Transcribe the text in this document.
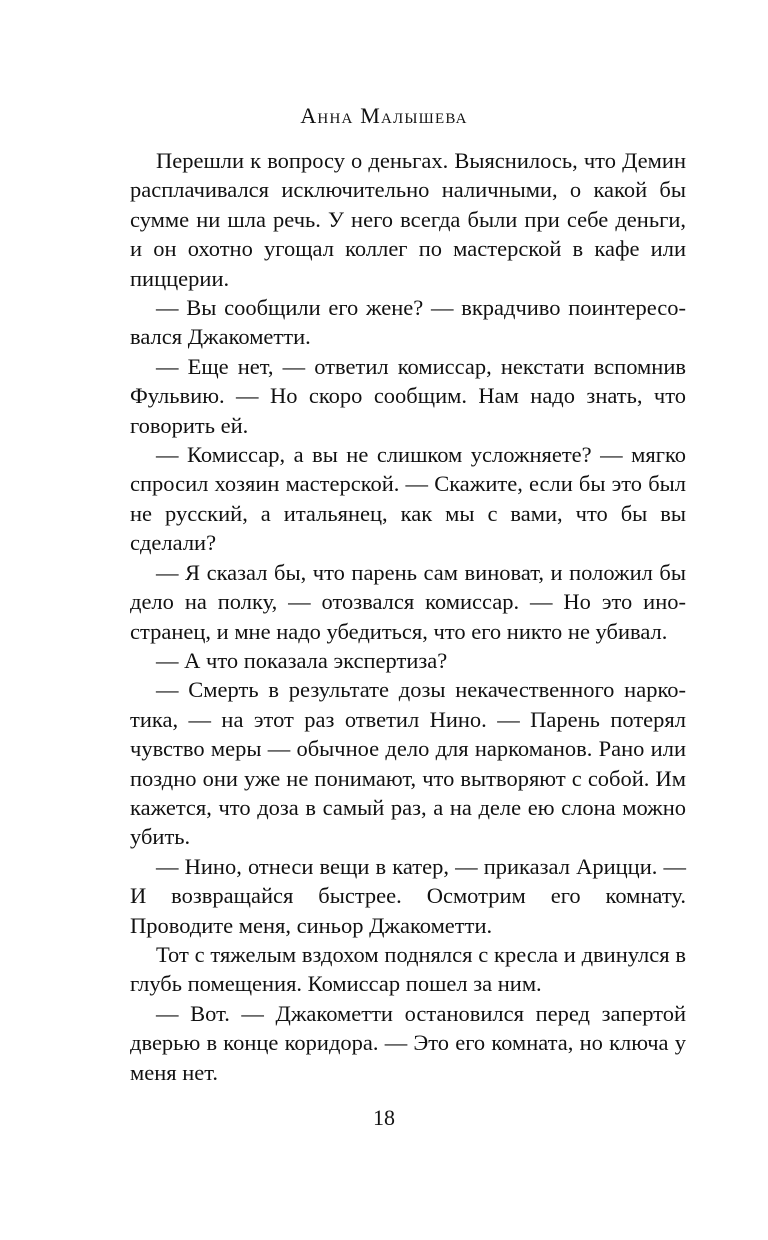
Анна Малышева

Перешли к вопросу о деньгах. Выяснилось, что Демин расплачивался исключительно наличными, о какой бы сумме ни шла речь. У него всегда были при себе деньги, и он охотно угощал коллег по мастерской в кафе или пиццерии.

— Вы сообщили его жене? — вкрадчиво поинтересовался Джакометти.

— Еще нет, — ответил комиссар, некстати вспомнив Фульвию. — Но скоро сообщим. Нам надо знать, что говорить ей.

— Комиссар, а вы не слишком усложняете? — мягко спросил хозяин мастерской. — Скажите, если бы это был не русский, а итальянец, как мы с вами, что бы вы сделали?

— Я сказал бы, что парень сам виноват, и положил бы дело на полку, — отозвался комиссар. — Но это иностранец, и мне надо убедиться, что его никто не убивал.

— А что показала экспертиза?

— Смерть в результате дозы некачественного наркотика, — на этот раз ответил Нино. — Парень потерял чувство меры — обычное дело для наркоманов. Рано или поздно они уже не понимают, что вытворяют с собой. Им кажется, что доза в самый раз, а на деле ею слона можно убить.

— Нино, отнеси вещи в катер, — приказал Арицци. — И возвращайся быстрее. Осмотрим его комнату. Проводите меня, синьор Джакометти.

Тот с тяжелым вздохом поднялся с кресла и двинулся в глубь помещения. Комиссар пошел за ним.

— Вот. — Джакометти остановился перед запертой дверью в конце коридора. — Это его комната, но ключа у меня нет.

18
